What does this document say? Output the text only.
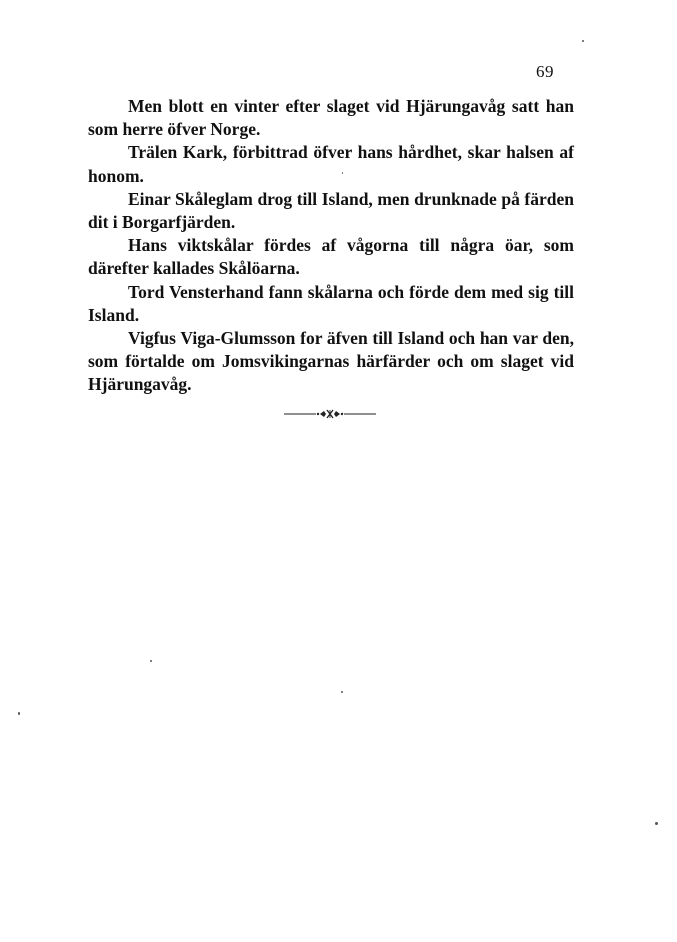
69

Men blott en vinter efter slaget vid Hjärungavåg satt han som herre öfver Norge.

Trälen Kark, förbittrad öfver hans hårdhet, skar halsen af honom.

Einar Skåleglam drog till Island, men drunknade på färden dit i Borgarfjärden.

Hans viktskålar fördes af vågorna till några öar, som därefter kallades Skålöarna.

Tord Vensterhand fann skålarna och förde dem med sig till Island.

Vigfus Viga-Glumsson for äfven till Island och han var den, som förtalde om Jomsvikingarnas härfärder och om slaget vid Hjärungavåg.
